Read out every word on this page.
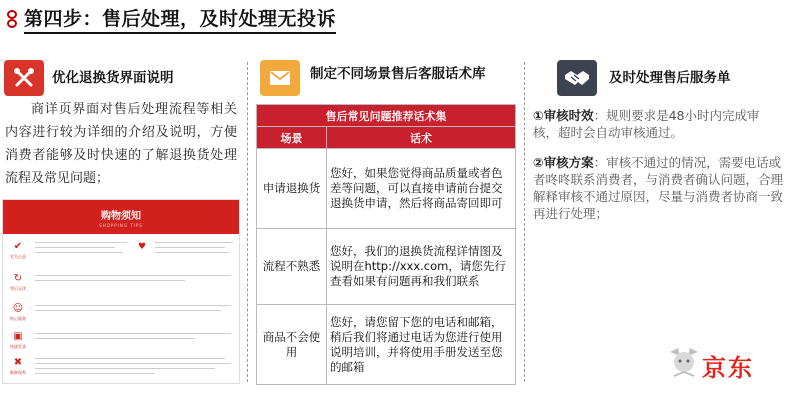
第四步：售后处理，及时处理无投诉
优化退换货界面说明
商详页界面对售后处理流程等相关内容进行较为详细的介绍及说明，方便消费者能够及时快速的了解退换货处理流程及常见问题；
购物须知
SHOPPING TIPS
✔
官方正品
♥
↻
售后无忧
☺
贴心服务
▣
快速发货
✖
维修保养
制定不同场景售后客服话术库
售后常见问题推荐话术集	
场景	话术
申请退换货	您好，如果您觉得商品质量或者色差等问题，可以直接申请前台提交退换货申请，然后将商品寄回即可
流程不熟悉	您好，我们的退换货流程详情图及说明在http://xxx.com，请您先行查看如果有问题再和我们联系
商品不会使用	您好，请您留下您的电话和邮箱，稍后我们将通过电话为您进行使用说明培训，并将使用手册发送至您的邮箱
及时处理售后服务单
①审核时效：规则要求是48小时内完成审核，超时会自动审核通过。
②审核方案：审核不通过的情况，需要电话或者咚咚联系消费者，与消费者确认问题，合理解释审核不通过原因，尽量与消费者协商一致再进行处理；
京东
